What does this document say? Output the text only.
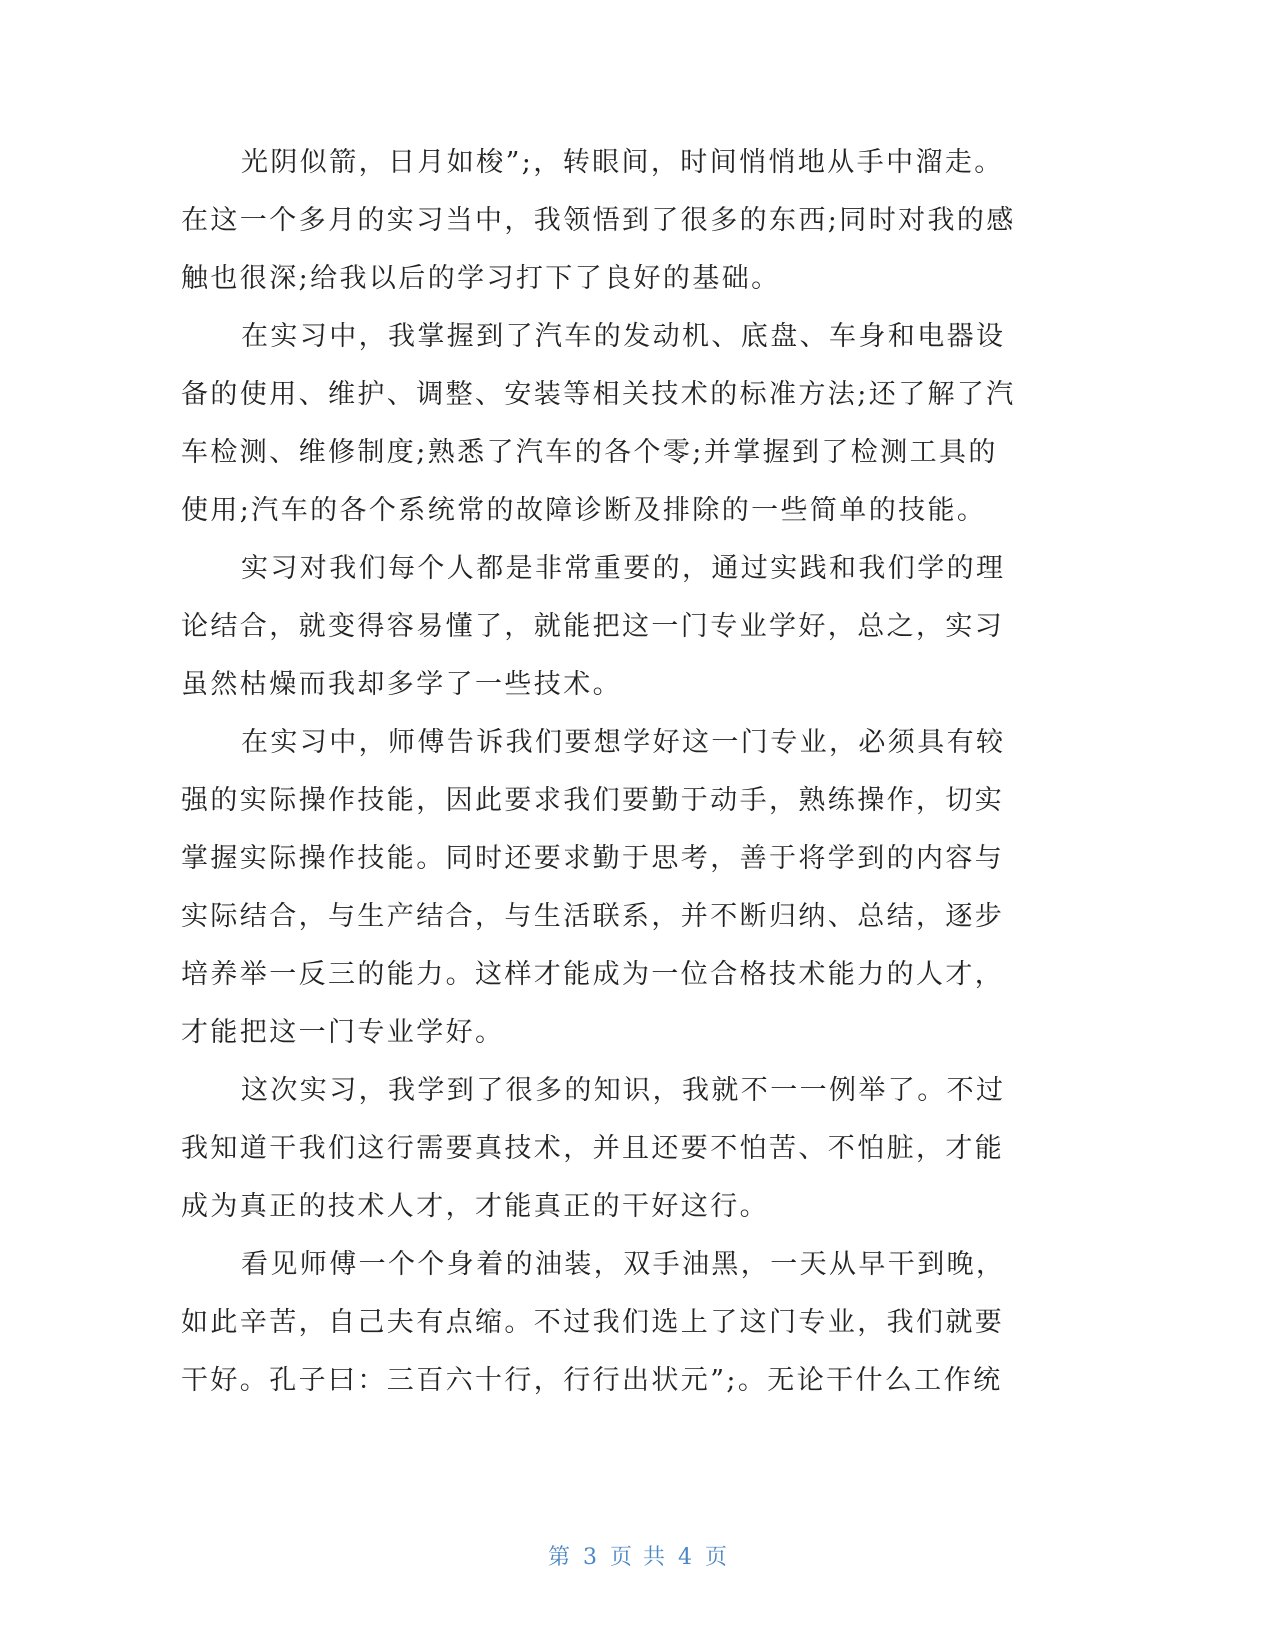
光阴似箭，日月如梭”;，转眼间，时间悄悄地从手中溜走。
在这一个多月的实习当中，我领悟到了很多的东西;同时对我的感
触也很深;给我以后的学习打下了良好的基础。
在实习中，我掌握到了汽车的发动机、底盘、车身和电器设
备的使用、维护、调整、安装等相关技术的标准方法;还了解了汽
车检测、维修制度;熟悉了汽车的各个零;并掌握到了检测工具的
使用;汽车的各个系统常的故障诊断及排除的一些简单的技能。
实习对我们每个人都是非常重要的，通过实践和我们学的理
论结合，就变得容易懂了，就能把这一门专业学好，总之，实习
虽然枯燥而我却多学了一些技术。
在实习中，师傅告诉我们要想学好这一门专业，必须具有较
强的实际操作技能，因此要求我们要勤于动手，熟练操作，切实
掌握实际操作技能。同时还要求勤于思考，善于将学到的内容与
实际结合，与生产结合，与生活联系，并不断归纳、总结，逐步
培养举一反三的能力。这样才能成为一位合格技术能力的人才，
才能把这一门专业学好。
这次实习，我学到了很多的知识，我就不一一例举了。不过
我知道干我们这行需要真技术，并且还要不怕苦、不怕脏，才能
成为真正的技术人才，才能真正的干好这行。
看见师傅一个个身着的油装，双手油黑，一天从早干到晚，
如此辛苦，自己夫有点缩。不过我们选上了这门专业，我们就要
干好。孔子曰：三百六十行，行行出状元”;。无论干什么工作统
第 3 页 共 4 页
